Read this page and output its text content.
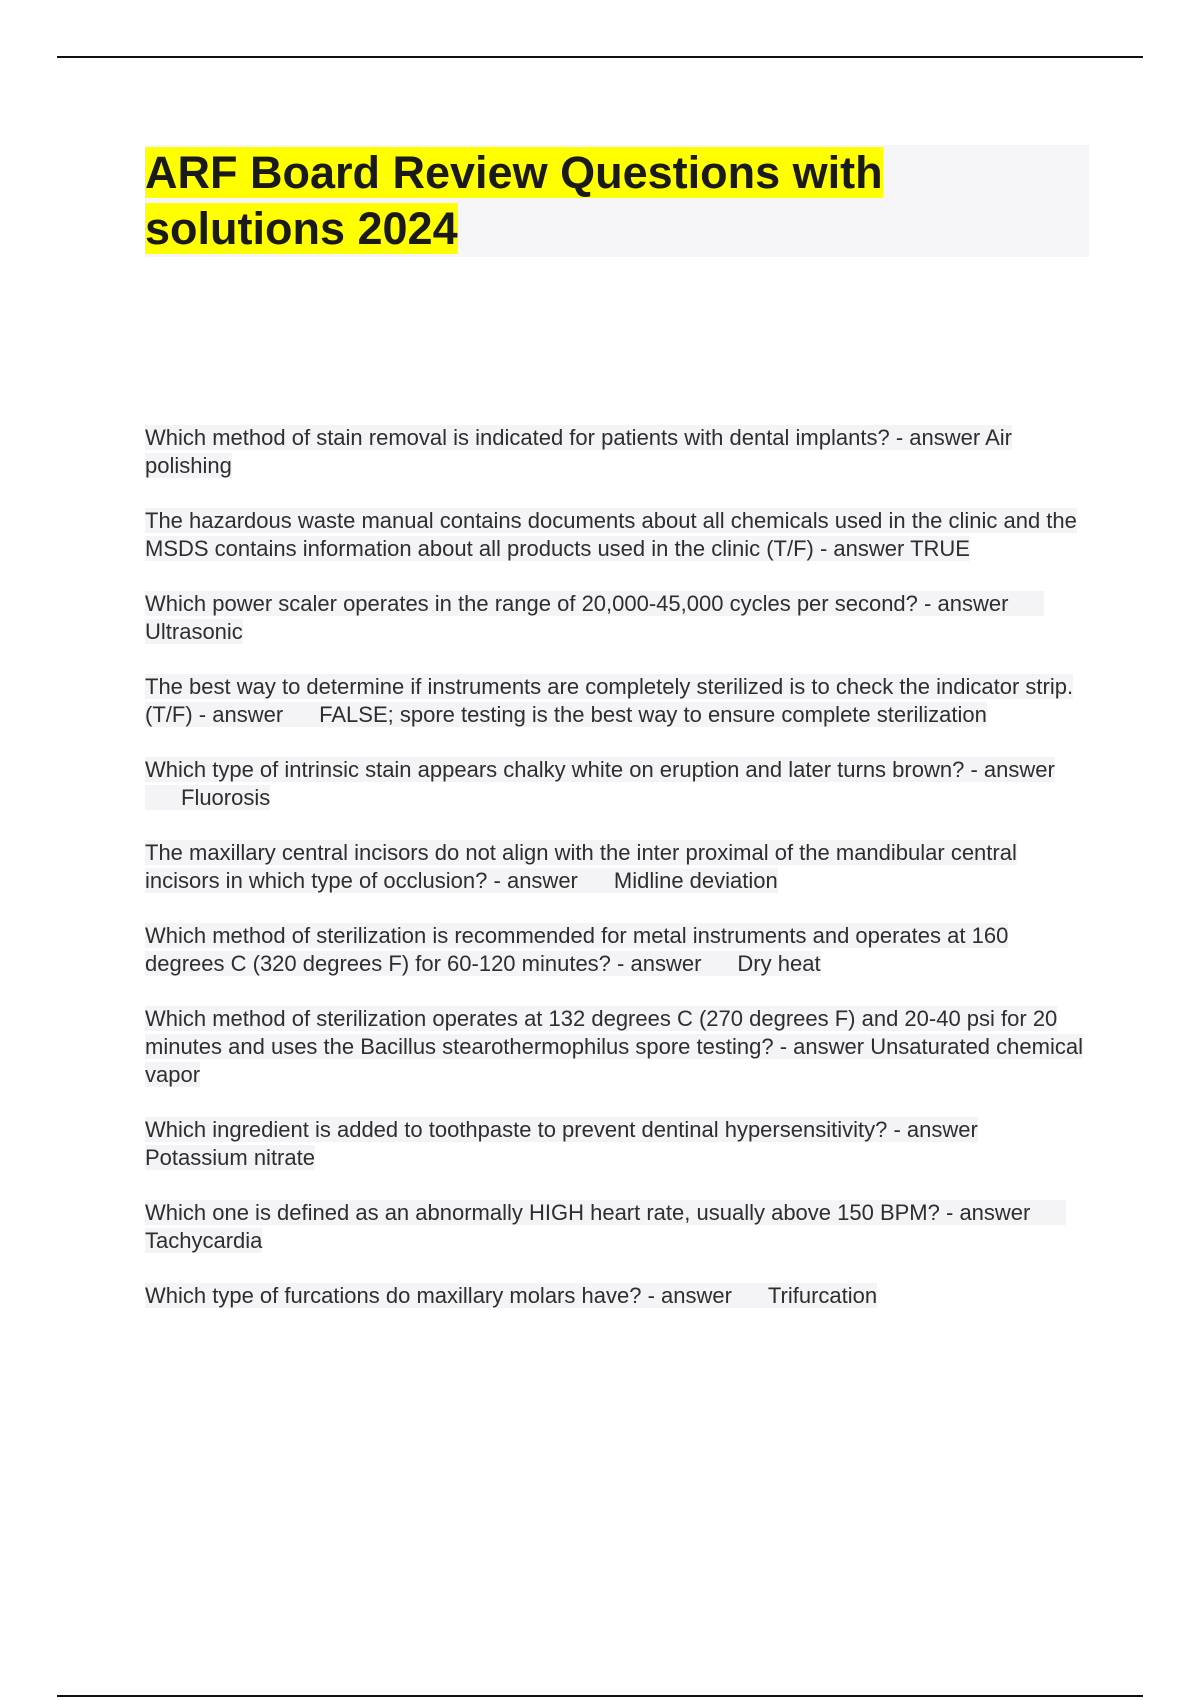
ARF Board Review Questions with solutions 2024
Which method of stain removal is indicated for patients with dental implants? - answer Air polishing
The hazardous waste manual contains documents about all chemicals used in the clinic and the MSDS contains information about all products used in the clinic (T/F) - answer TRUE
Which power scaler operates in the range of 20,000-45,000 cycles per second? - answerUltrasonic
The best way to determine if instruments are completely sterilized is to check the indicator strip. (T/F) - answer FALSE; spore testing is the best way to ensure complete sterilization
Which type of intrinsic stain appears chalky white on eruption and later turns brown? - answerFluorosis
The maxillary central incisors do not align with the inter proximal of the mandibular central incisors in which type of occlusion? - answer Midline deviation
Which method of sterilization is recommended for metal instruments and operates at 160 degrees C (320 degrees F) for 60-120 minutes? - answer Dry heat
Which method of sterilization operates at 132 degrees C (270 degrees F) and 20-40 psi for 20 minutes and uses the Bacillus stearothermophilus spore testing? - answer Unsaturated chemical vapor
Which ingredient is added to toothpaste to prevent dentinal hypersensitivity? - answer Potassium nitrate
Which one is defined as an abnormally HIGH heart rate, usually above 150 BPM? - answerTachycardia
Which type of furcations do maxillary molars have? - answer Trifurcation
